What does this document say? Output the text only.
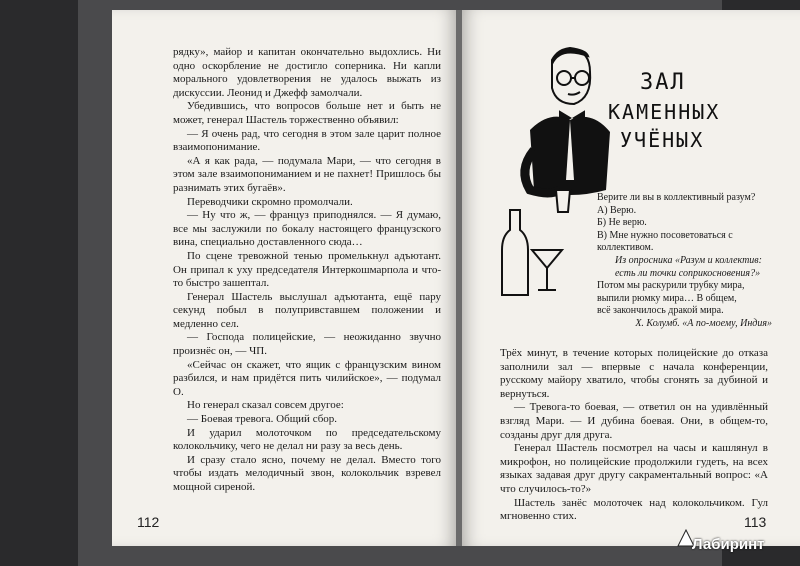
рядку», майор и капитан окончательно выдохлись. Ни одно оскорбление не достигло соперника. Ни капли морального удовлетворения не удалось выжать из дискуссии. Леонид и Джефф замолчали.

Убедившись, что вопросов больше нет и быть не может, генерал Шастель торжественно объявил:

— Я очень рад, что сегодня в этом зале царит полное взаимопонимание.

«А я как рада, — подумала Мари, — что сегодня в этом зале взаимопониманием и не пахнет! Пришлось бы разнимать этих бугаёв».

Переводчики скромно промолчали.

— Ну что ж, — француз приподнялся. — Я думаю, все мы заслужили по бокалу настоящего французского вина, специально доставленного сюда…

По сцене тревожной тенью промелькнул адъютант. Он припал к уху председателя Интеркошмарпола и что-то быстро зашептал.

Генерал Шастель выслушал адъютанта, ещё пару секунд побыл в полупривставшем положении и медленно сел.

— Господа полицейские, — неожиданно звучно произнёс он, — ЧП.

«Сейчас он скажет, что ящик с французским вином разбился, и нам придётся пить чилийское», — подумал О.

Но генерал сказал совсем другое:

— Боевая тревога. Общий сбор.

И ударил молоточком по председательскому колокольчику, чего не делал ни разу за весь день.

И сразу стало ясно, почему не делал. Вместо того чтобы издать мелодичный звон, колокольчик взревел мощной сиреной.

112
ЗАЛ
КАМЕННЫХ
УЧЁНЫХ
Верите ли вы в коллективный разум?
А) Верю.
Б) Не верю.
В) Мне нужно посоветоваться с коллективом.
Из опросника «Разум и коллектив: есть ли точки соприкосновения?»
Потом мы раскурили трубку мира,
выпили рюмку мира… В общем,
всё закончилось дракой мира.
Х. Колумб. «А по-моему, Индия»

Трёх минут, в течение которых полицейские до отказа заполнили зал — впервые с начала конференции, русскому майору хватило, чтобы сгонять за дубиной и вернуться.

— Тревога-то боевая, — ответил он на удивлённый взгляд Мари. — И дубина боевая. Они, в общем-то, созданы друг для друга.

Генерал Шастель посмотрел на часы и кашлянул в микрофон, но полицейские продолжили гудеть, на всех языках задавая друг другу сакраментальный вопрос: «А что случилось-то?»

Шастель занёс молоточек над колокольчиком. Гул мгновенно стих.	113
Лабиринт
